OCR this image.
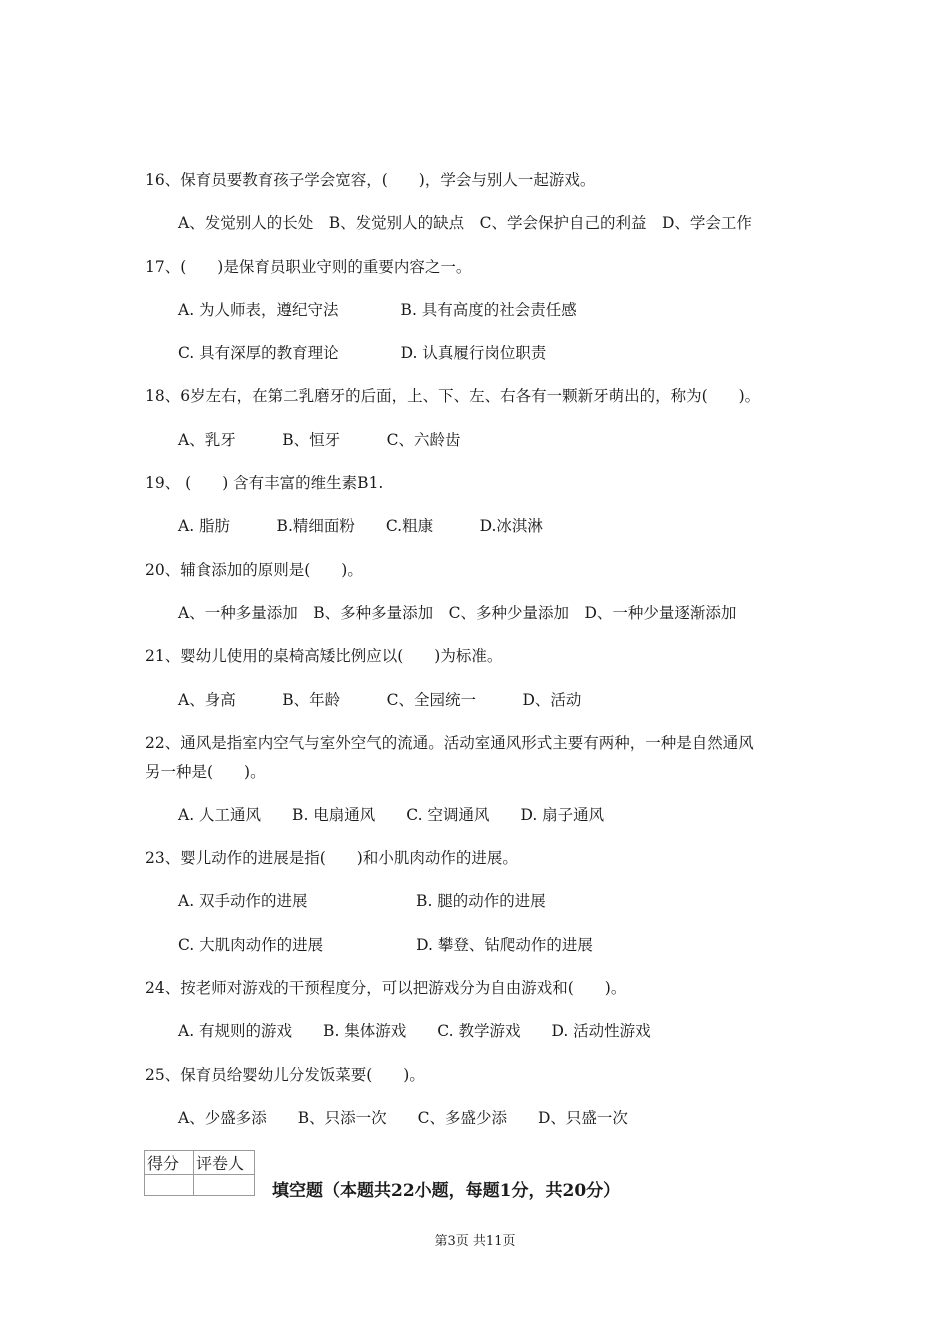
16、保育员要教育孩子学会宽容，(　　)，学会与别人一起游戏。
A、发觉别人的长处　B、发觉别人的缺点　C、学会保护自己的利益　D、学会工作
17、(　　)是保育员职业守则的重要内容之一。
A. 为人师表，遵纪守法　　　　B. 具有高度的社会责任感
C. 具有深厚的教育理论　　　　D. 认真履行岗位职责
18、6岁左右，在第二乳磨牙的后面，上、下、左、右各有一颗新牙萌出的，称为(　　)。
A、乳牙　　　B、恒牙　　　C、六龄齿
19、 (　　) 含有丰富的维生素B1.
A. 脂肪　　　B.精细面粉　　C.粗康　　　D.冰淇淋
20、辅食添加的原则是(　　)。
A、一种多量添加　B、多种多量添加　C、多种少量添加　D、一种少量逐渐添加
21、婴幼儿使用的桌椅高矮比例应以(　　)为标准。
A、身高　　　B、年龄　　　C、全园统一　　　D、活动
22、通风是指室内空气与室外空气的流通。活动室通风形式主要有两种，一种是自然通风
另一种是(　　)。
A. 人工通风　　B. 电扇通风　　C. 空调通风　　D. 扇子通风
23、婴儿动作的进展是指(　　)和小肌肉动作的进展。
A. 双手动作的进展　　　　　　　B. 腿的动作的进展
C. 大肌肉动作的进展　　　　　　D. 攀登、钻爬动作的进展
24、按老师对游戏的干预程度分，可以把游戏分为自由游戏和(　　)。
A. 有规则的游戏　　B. 集体游戏　　C. 教学游戏　　D. 活动性游戏
25、保育员给婴幼儿分发饭菜要(　　)。
A、少盛多添　　B、只添一次　　C、多盛少添　　D、只盛一次
得分	评卷人

填空题（本题共22小题，每题1分，共20分）
第3页 共11页
